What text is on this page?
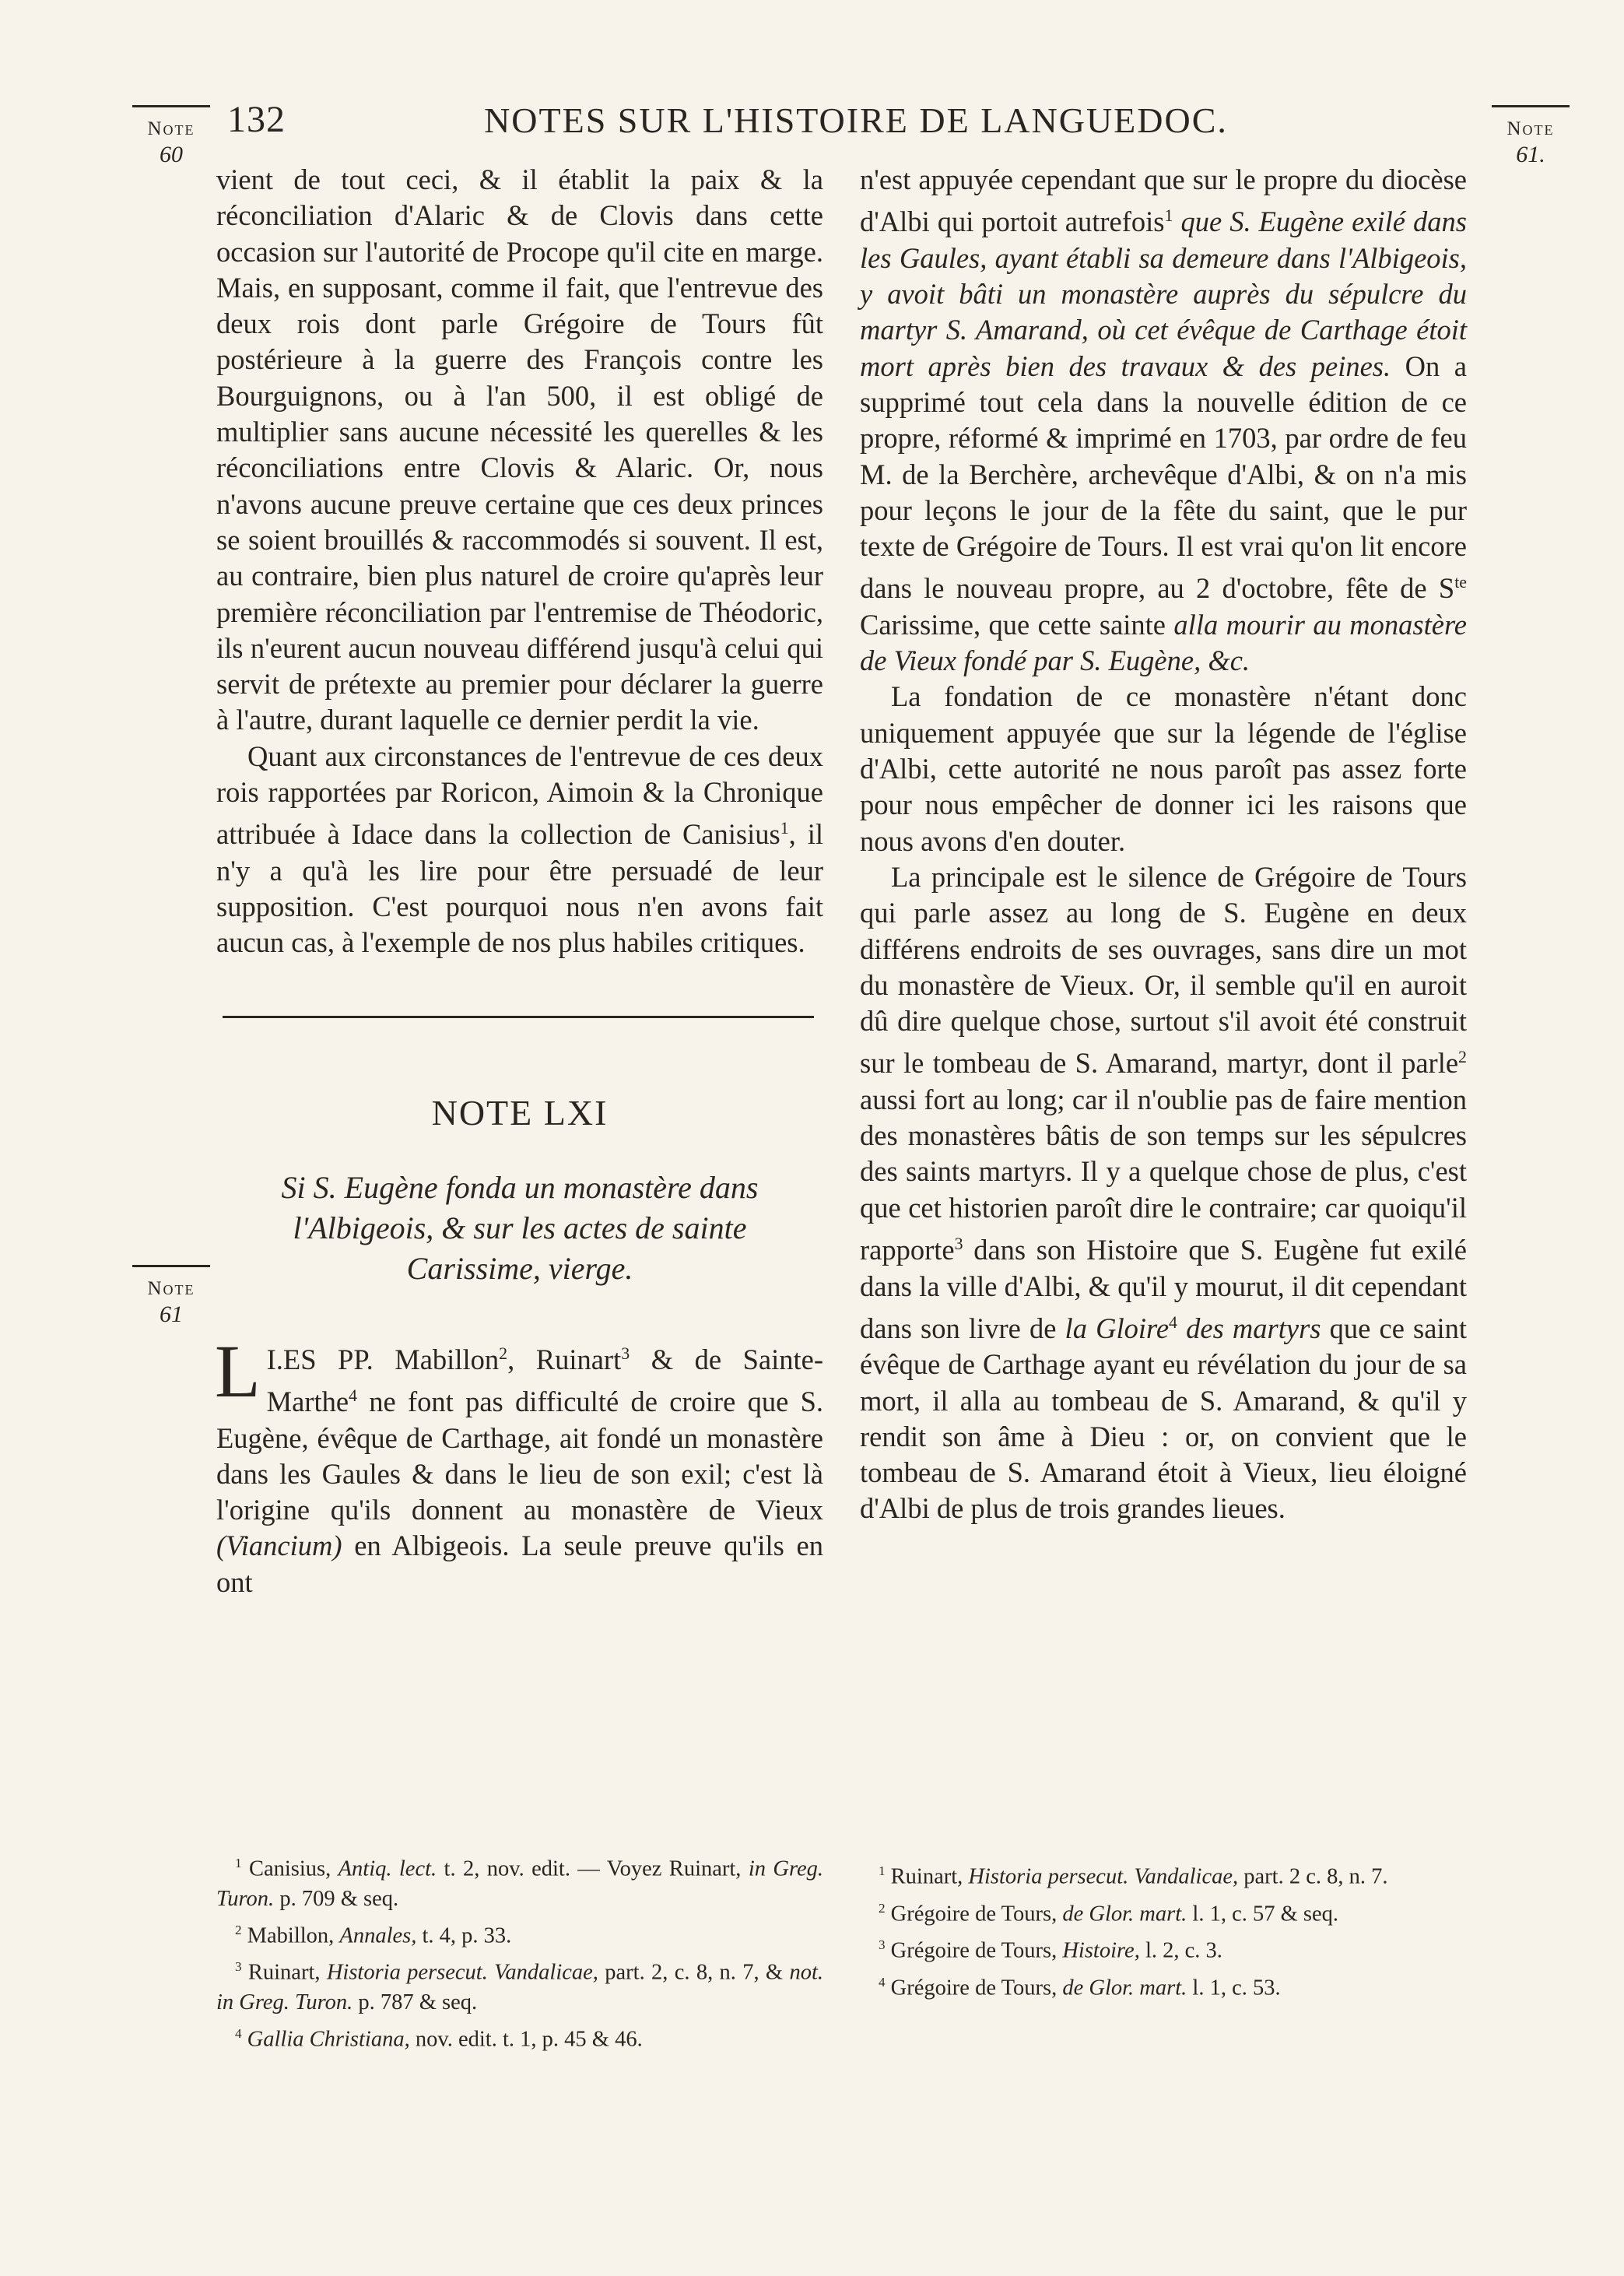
132	NOTES SUR L'HISTOIRE DE LANGUEDOC.
Note
60
Note
61.
Note
61

vient de tout ceci, & il établit la paix & la réconciliation d'Alaric & de Clovis dans cette occasion sur l'autorité de Procope qu'il cite en marge. Mais, en supposant, comme il fait, que l'entrevue des deux rois dont parle Grégoire de Tours fût postérieure à la guerre des François contre les Bourguignons, ou à l'an 500, il est obligé de multiplier sans aucune nécessité les querelles & les réconciliations entre Clovis & Alaric. Or, nous n'avons aucune preuve certaine que ces deux princes se soient brouillés & raccommodés si souvent. Il est, au contraire, bien plus naturel de croire qu'après leur première réconciliation par l'entremise de Théodoric, ils n'eurent aucun nouveau différend jusqu'à celui qui servit de prétexte au premier pour déclarer la guerre à l'autre, durant laquelle ce dernier perdit la vie.

Quant aux circonstances de l'entrevue de ces deux rois rapportées par Roricon, Aimoin & la Chronique attribuée à Idace dans la collection de Canisius$^1$, il n'y a qu'à les lire pour être persuadé de leur supposition. C'est pourquoi nous n'en avons fait aucun cas, à l'exemple de nos plus habiles critiques.

NOTE LXI
Si S. Eugène fonda un monastère dans l'Albigeois, & sur les actes de sainte Carissime, vierge.

I.
L ES PP. Mabillon$^2$, Ruinart$^3$ & de Sainte-Marthe$^4$ ne font pas difficulté de croire que S. Eugène, évêque de Carthage, ait fondé un monastère dans les Gaules & dans le lieu de son exil; c'est là l'origine qu'ils donnent au monastère de Vieux (Viancium) en Albigeois. La seule preuve qu'ils en ont

n'est appuyée cependant que sur le propre du diocèse d'Albi qui portoit autrefois$^1$ que S. Eugène exilé dans les Gaules, ayant établi sa demeure dans l'Albigeois, y avoit bâti un monastère auprès du sépulcre du martyr S. Amarand, où cet évêque de Carthage étoit mort après bien des travaux & des peines. On a supprimé tout cela dans la nouvelle édition de ce propre, réformé & imprimé en 1703, par ordre de feu M. de la Berchère, archevêque d'Albi, & on n'a mis pour leçons le jour de la fête du saint, que le pur texte de Grégoire de Tours. Il est vrai qu'on lit encore dans le nouveau propre, au 2 d'octobre, fête de $S^{te}$ Carissime, que cette sainte alla mourir au monastère de Vieux fondé par S. Eugène, &c.

La fondation de ce monastère n'étant donc uniquement appuyée que sur la légende de l'église d'Albi, cette autorité ne nous paroît pas assez forte pour nous empêcher de donner ici les raisons que nous avons d'en douter.

La principale est le silence de Grégoire de Tours qui parle assez au long de S. Eugène en deux différens endroits de ses ouvrages, sans dire un mot du monastère de Vieux. Or, il semble qu'il en auroit dû dire quelque chose, surtout s'il avoit été construit sur le tombeau de S. Amarand, martyr, dont il parle$^2$ aussi fort au long; car il n'oublie pas de faire mention des monastères bâtis de son temps sur les sépulcres des saints martyrs. Il y a quelque chose de plus, c'est que cet historien paroît dire le contraire; car quoiqu'il rapporte$^3$ dans son Histoire que S. Eugène fut exilé dans la ville d'Albi, & qu'il y mourut, il dit cependant dans son livre de la Gloire$^4$ des martyrs que ce saint évêque de Carthage ayant eu révélation du jour de sa mort, il alla au tombeau de S. Amarand, & qu'il y rendit son âme à Dieu : or, on convient que le tombeau de S. Amarand étoit à Vieux, lieu éloigné d'Albi de plus de trois grandes lieues.

$^1$ Canisius, Antiq. lect. t. 2, nov. edit. — Voyez Ruinart, in Greg. Turon. p. 709 & seq.

$^2$ Mabillon, Annales, t. 4, p. 33.

$^3$ Ruinart, Historia persecut. Vandalicae, part. 2, c. 8, n. 7, & not. in Greg. Turon. p. 787 & seq.

$^4$ Gallia Christiana, nov. edit. t. 1, p. 45 & 46.

$^1$ Ruinart, Historia persecut. Vandalicae, part. 2 c. 8, n. 7.

$^2$ Grégoire de Tours, de Glor. mart. l. 1, c. 57 & seq.

$^3$ Grégoire de Tours, Histoire, l. 2, c. 3.

$^4$ Grégoire de Tours, de Glor. mart. l. 1, c. 53.
